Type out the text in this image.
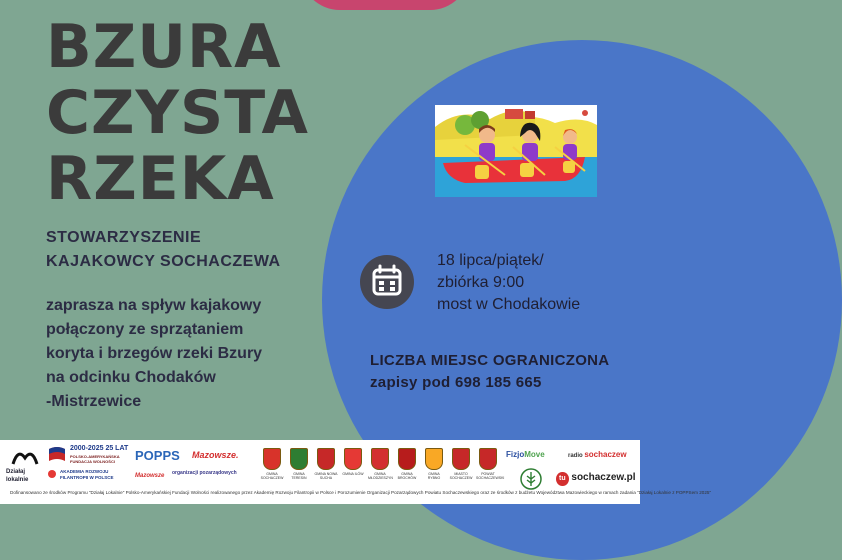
BZURA
CZYSTA
RZEKA
STOWARZYSZENIE
KAJAKOWCY SOCHACZEWA
zaprasza na spływ kajakowy
połączony ze sprzątaniem
koryta i brzegów rzeki Bzury
na odcinku Chodaków
-Mistrzewice
18 lipca/piątek/
zbiórka 9:00
most w Chodakowie
LICZBA MIEJSC OGRANICZONA
zapisy pod 698 185 665
Działaj lokalnie
2000-2025 25 LAT
POLSKO-AMERYKAŃSKA FUNDACJA WOLNOŚCI
AKADEMIA ROZWOJU FILANTROPII W POLSCE
POPPS Mazowsze.
Mazowsze organizacji pozarządowych	GMINA SOCHACZEW
GMINA TERESIN
GMINA NOWA SUCHA
GMINA ILÓW	GMINA MŁODZIESZYN
GMINA BROCHÓW
GMINA RYBNO
MIASTO SOCHACZEW
POWIAT SOCHACZEWSKI
FizjoMove	radio sochaczew
tu sochaczew.pl
Dofinansowano ze środków Programu "Działaj Lokalnie" Polsko-Amerykańskiej Fundacji Wolności realizowanego przez Akademię Rozwoju Filantropii w Polsce i Porozumienie Organizacji Pozarządowych Powiatu Sochaczewskiego oraz ze środków z budżetu Województwa Mazowieckiego w ramach zadania "Działaj Lokalnie z POPPSem 2025"
